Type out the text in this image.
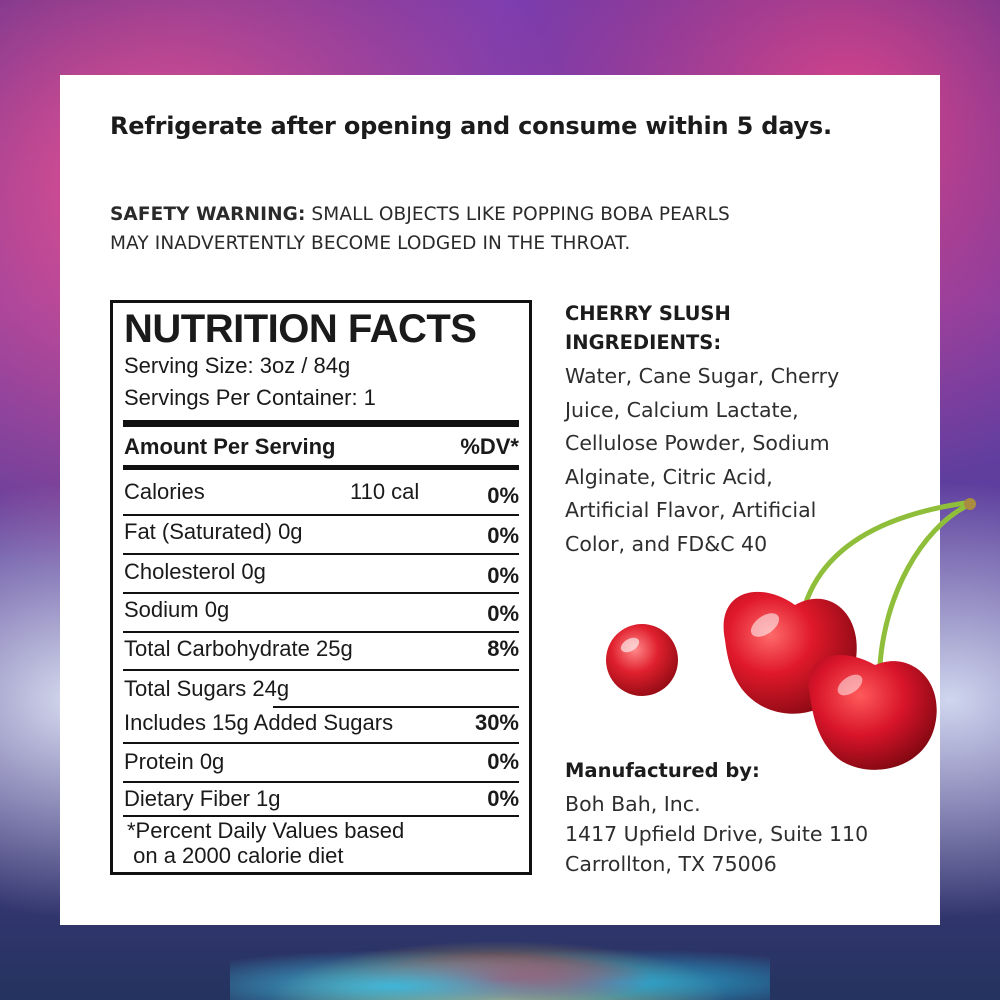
Refrigerate after opening and consume within 5 days.
SAFETY WARNING: SMALL OBJECTS LIKE POPPING BOBA PEARLS
MAY INADVERTENTLY BECOME LODGED IN THE THROAT.
NUTRITION FACTS
Serving Size: 3oz / 84g
Servings Per Container: 1
Amount Per Serving	%DV*
Calories	110 cal	0%
Fat (Saturated) 0g	0%
Cholesterol 0g	0%
Sodium 0g	0%
Total Carbohydrate 25g	8%
Total Sugars 24g
Includes 15g Added Sugars	30%
Protein 0g	0%
Dietary Fiber 1g	0%
*Percent Daily Values based
on a 2000 calorie diet
CHERRY SLUSH
INGREDIENTS:
Water, Cane Sugar, Cherry
Juice, Calcium Lactate,
Cellulose Powder, Sodium
Alginate, Citric Acid,
Artificial Flavor, Artificial
Color, and FD&C 40
Manufactured by:
Boh Bah, Inc.
1417 Upfield Drive, Suite 110
Carrollton, TX 75006
